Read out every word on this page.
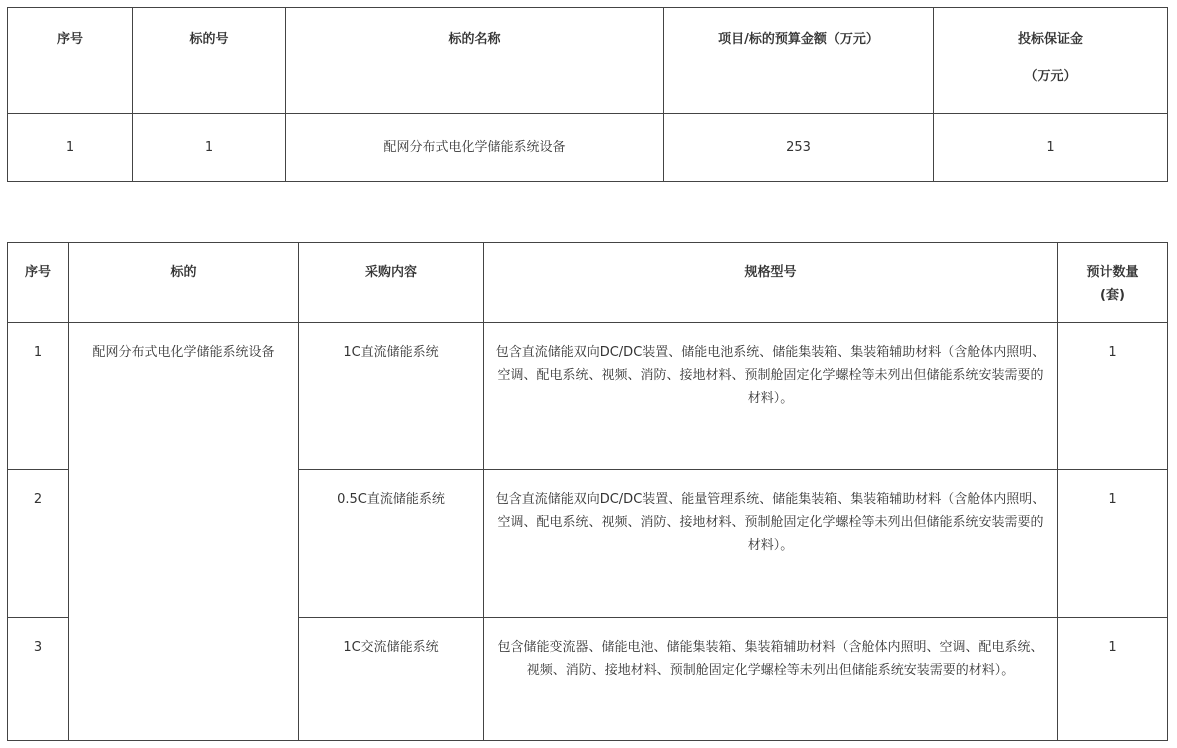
序号	标的号	标的名称	项目/标的预算金额（万元）	投标保证金
（万元）

1	1	配网分布式电化学储能系统设备	253	1
序号	标的	采购内容	规格型号	预计数量
(套)
1	配网分布式电化学储能系统设备	1C直流储能系统	包含直流储能双向DC/DC装置、储能电池系统、储能集装箱、集装箱辅助材料（含舱体内照明、空调、配电系统、视频、消防、接地材料、预制舱固定化学螺栓等未列出但储能系统安装需要的材料）。	1
2		0.5C直流储能系统	包含直流储能双向DC/DC装置、能量管理系统、储能集装箱、集装箱辅助材料（含舱体内照明、空调、配电系统、视频、消防、接地材料、预制舱固定化学螺栓等未列出但储能系统安装需要的材料）。	1
3		1C交流储能系统	包含储能变流器、储能电池、储能集装箱、集装箱辅助材料（含舱体内照明、空调、配电系统、视频、消防、接地材料、预制舱固定化学螺栓等未列出但储能系统安装需要的材料）。	1
